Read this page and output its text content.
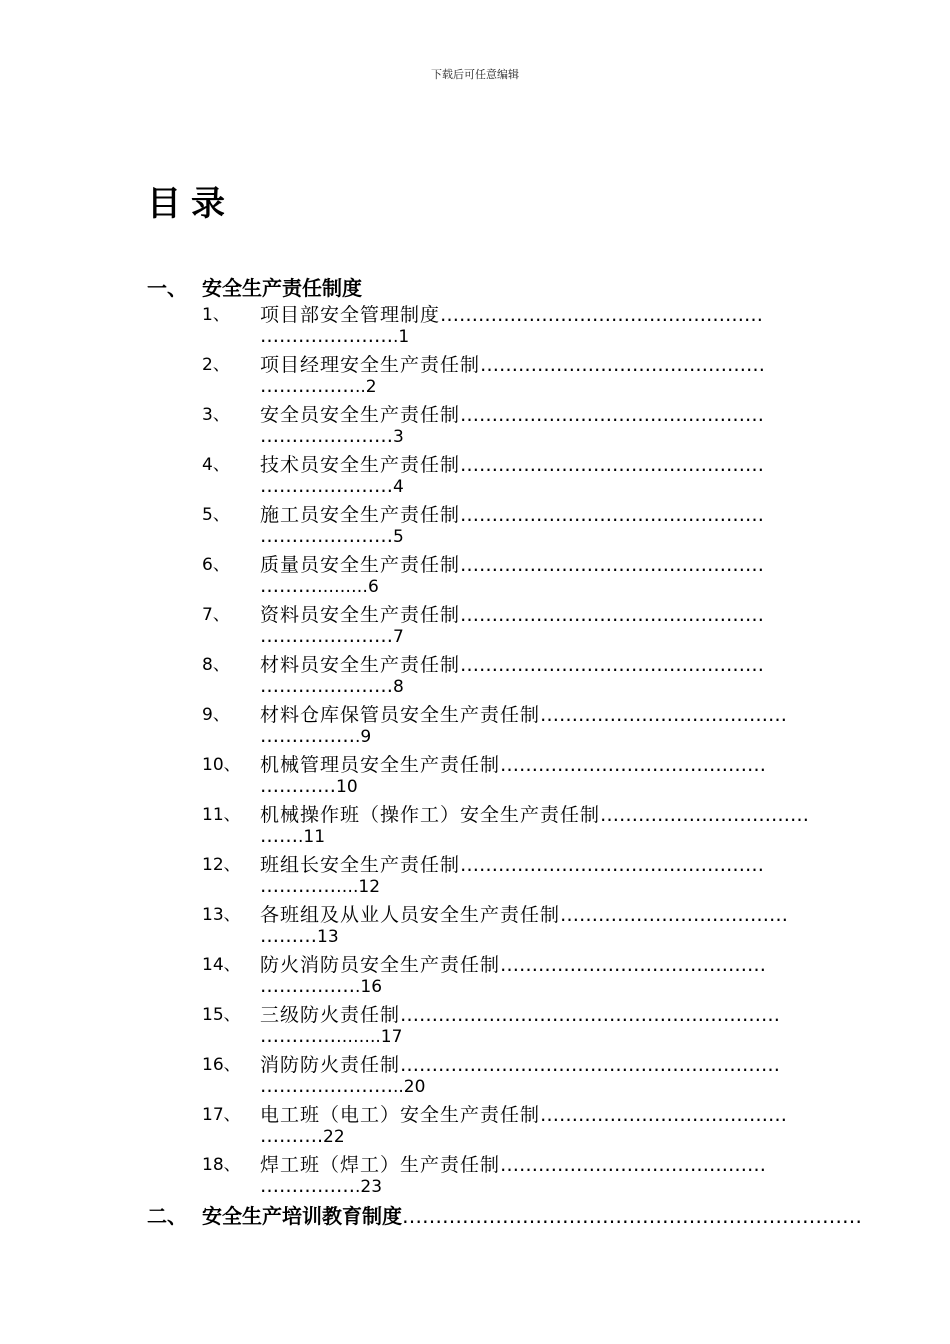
下载后可任意编辑
目录
一、 安全生产责任制度
1、 项目部安全管理制度……………………………………………
………………….1
2、 项目经理安全生产责任制………………………………………
……………..2
3、 安全员安全生产责任制…………………………………………
…………………3
4、 技术员安全生产责任制…………………………………………
…………………4
5、 施工员安全生产责任制…………………………………………
…………………5
6、 质量员安全生产责任制…………………………………………
………………6
7、 资料员安全生产责任制…………………………………………
…………………7
8、 材料员安全生产责任制…………………………………………
…………………8
9、 材料仓库保管员安全生产责任制…………………………………
…………….9
10、 机械管理员安全生产责任制……………………………………
…………10
11、 机械操作班（操作工）安全生产责任制……………………………
…….11
12、 班组长安全生产责任制…………………………………………
…………….12
13、 各班组及从业人员安全生产责任制………………………………
………13
14、 防火消防员安全生产责任制……………………………………
…………….16
15、 三级防火责任制……………………………………………………
………………..17
16、 消防防火责任制……………………………………………………
…………………..20
17、 电工班（电工）安全生产责任制…………………………………
……….22
18、 焊工班（焊工）生产责任制……………………………………
…………….23
二、 安全生产培训教育制度……………………………………………………………
